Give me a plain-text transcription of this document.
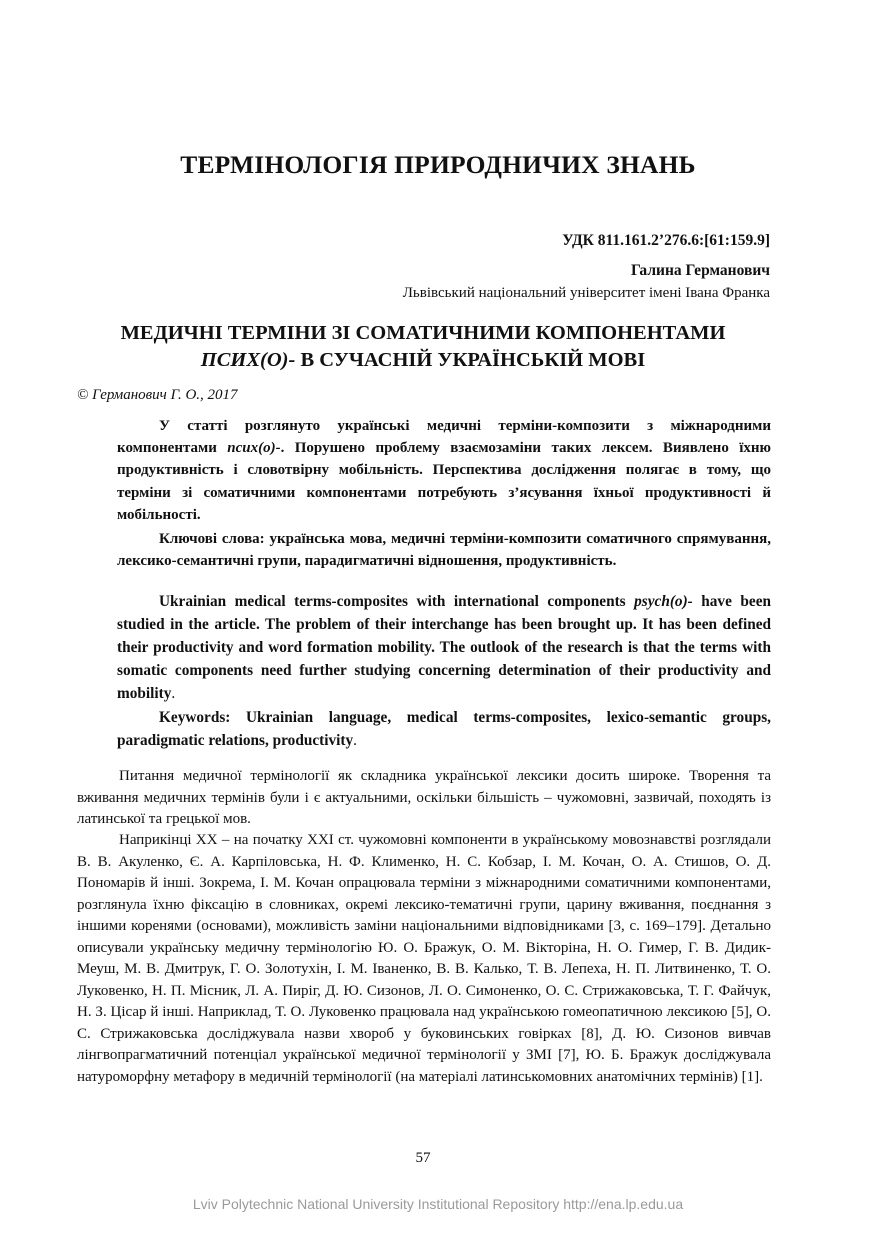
ТЕРМІНОЛОГІЯ ПРИРОДНИЧИХ ЗНАНЬ
УДК 811.161.2’276.6:[61:159.9]
Галина Германович
Львівський національний університет імені Івана Франка
МЕДИЧНІ ТЕРМІНИ ЗІ СОМАТИЧНИМИ КОМПОНЕНТАМИ
ПСИХ(О)- В СУЧАСНІЙ УКРАЇНСЬКІЙ МОВІ
© Германович Г. О., 2017
У статті розглянуто українські медичні терміни-композити з міжнародними компонентами псих(о)-. Порушено проблему взаємозаміни таких лексем. Виявлено їхню продуктивність і словотвірну мобільність. Перспектива дослідження полягає в тому, що терміни зі соматичними компонентами потребують з’ясування їхньої продуктивності й мобільності.
Ключові слова: українська мова, медичні терміни-композити соматичного спрямування, лексико-семантичні групи, парадигматичні відношення, продуктивність.
Ukrainian medical terms-composites with international components psych(o)- have been studied in the article. The problem of their interchange has been brought up. It has been defined their productivity and word formation mobility. The outlook of the research is that the terms with somatic components need further studying concerning determination of their productivity and mobility.
Keywords: Ukrainian language, medical terms-composites, lexico-semantic groups, paradigmatic relations, productivity.
Питання медичної термінології як складника української лексики досить широке. Творення та вживання медичних термінів були і є актуальними, оскільки більшість – чужомовні, зазвичай, походять із латинської та грецької мов.
Наприкінці ХХ – на початку ХХІ ст. чужомовні компоненти в українському мовознавстві розглядали В. В. Акуленко, Є. А. Карпіловська, Н. Ф. Клименко, Н. С. Кобзар, І. М. Кочан, О. А. Стишов, О. Д. Пономарів й інші. Зокрема, І. М. Кочан опрацювала терміни з міжнародними соматичними компонентами, розглянула їхню фіксацію в словниках, окремі лексико-тематичні групи, царину вживання, поєднання з іншими коренями (основами), можливість заміни національними відповідниками [3, с. 169–179]. Детально описували українську медичну термінологію Ю. О. Бражук, О. М. Вікторіна, Н. О. Гимер, Г. В. Дидик-Меуш, М. В. Дмитрук, Г. О. Золотухін, І. М. Іваненко, В. В. Калько, Т. В. Лепеха, Н. П. Литвиненко, Т. О. Луковенко, Н. П. Місник, Л. А. Пиріг, Д. Ю. Сизонов, Л. О. Симоненко, О. С. Стрижаковська, Т. Г. Файчук, Н. З. Цісар й інші. Наприклад, Т. О. Луковенко працювала над українською гомеопатичною лексикою [5], О. С. Стрижаковська досліджувала назви хвороб у буковинських говірках [8], Д. Ю. Сизонов вивчав лінгвопрагматичний потенціал української медичної термінології у ЗМІ [7], Ю. Б. Бражук досліджувала натуроморфну метафору в медичній термінології (на матеріалі латинськомовних анатомічних термінів) [1].
57
Lviv Polytechnic National University Institutional Repository http://ena.lp.edu.ua
